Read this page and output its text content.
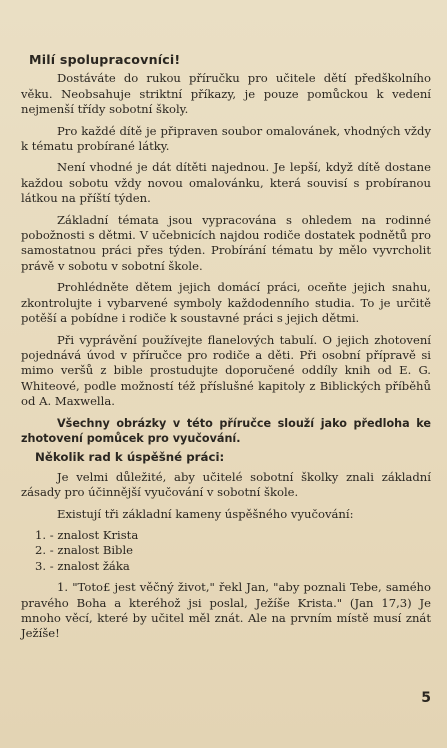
Milí spolupracovníci!

Dostáváte do rukou příručku pro učitele dětí předškolního věku. Neobsahuje striktní příkazy, je pouze pomůckou k vedení nejmenší třídy sobotní školy.

Pro každé dítě je připraven soubor omalovánek, vhodných vždy k tématu probírané látky.

Není vhodné je dát dítěti najednou. Je lepší, když dítě dostane každou sobotu vždy novou omalovánku, která souvisí s probíranou látkou na příští týden.

Základní témata jsou vypracována s ohledem na rodinné pobožnosti s dětmi. V učebnicích najdou rodiče dostatek podnětů pro samostatnou práci přes týden. Probírání tématu by mělo vyvrcholit právě v sobotu v sobotní škole.

Prohlédněte dětem jejich domácí práci, oceňte jejich snahu, zkontrolujte i vybarvené symboly každodenního studia. To je určitě potěší a pobídne i rodiče k soustavné práci s jejich dětmi.

Při vyprávění používejte flanelových tabulí. O jejich zhotovení pojednává úvod v příručce pro rodiče a děti. Při osobní přípravě si mimo veršů z bible prostudujte doporučené oddíly knih od E. G. Whiteové, podle možností též příslušné kapitoly z Biblických příběhů od A. Maxwella.

Všechny obrázky v této příručce slouží jako předloha ke zhotovení pomůcek pro vyučování.

Několik rad k úspěšné práci:

Je velmi důležité, aby učitelé sobotní školky znali základní zásady pro účinnější vyučování v sobotní škole.

Existují tři základní kameny úspěšného vyučování:

1. - znalost Krista
2. - znalost Bible
3. - znalost žáka

1. "Toto£ jest věčný život," řekl Jan, "aby poznali Tebe, samého pravého Boha a kteréhož jsi poslal, Ježíše Krista." (Jan 17,3) Je mnoho věcí, které by učitel měl znát. Ale na prvním místě musí znát Ježíše!

5
